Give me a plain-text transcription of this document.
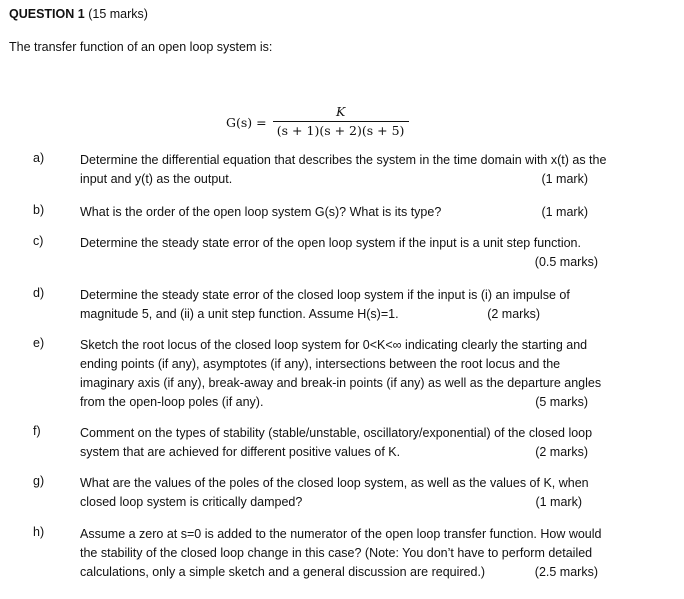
QUESTION 1 (15 marks)
The transfer function of an open loop system is:
$G(s) = \frac{K}{(s + 1)(s + 2)(s + 5)}$
a)	Determine the differential equation that describes the system in the time domain with x(t) as the
input and y(t) as the output.	(1 mark)
b)	What is the order of the open loop system G(s)? What is its type?	(1 mark)
c)	Determine the steady state error of the open loop system if the input is a unit step function.
(0.5 marks)
d)	Determine the steady state error of the closed loop system if the input is (i) an impulse of
magnitude 5, and (ii) a unit step function. Assume H(s)=1.	(2 marks)
e)	Sketch the root locus of the closed loop system for 0<K<∞ indicating clearly the starting and
ending points (if any), asymptotes (if any), intersections between the root locus and the
imaginary axis (if any), break-away and break-in points (if any) as well as the departure angles
from the open-loop poles (if any).	(5 marks)
f)	Comment on the types of stability (stable/unstable, oscillatory/exponential) of the closed loop
system that are achieved for different positive values of K.	(2 marks)
g)	What are the values of the poles of the closed loop system, as well as the values of K, when
closed loop system is critically damped?	(1 mark)
h)	Assume a zero at s=0 is added to the numerator of the open loop transfer function. How would
the stability of the closed loop change in this case? (Note: You don’t have to perform detailed
calculations, only a simple sketch and a general discussion are required.)	(2.5 marks)
